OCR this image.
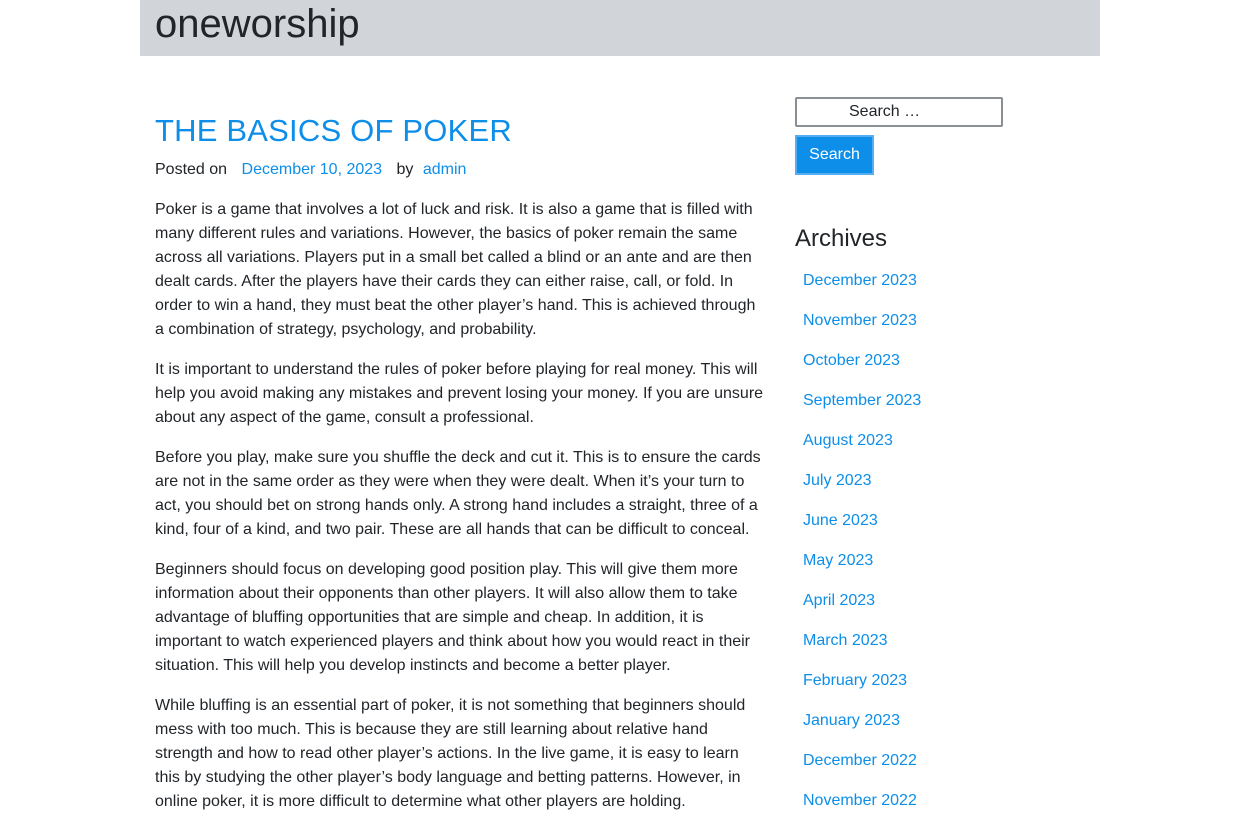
oneworship
THE BASICS OF POKER
Posted on December 10, 2023 by admin

Poker is a game that involves a lot of luck and risk. It is also a game that is filled with many different rules and variations. However, the basics of poker remain the same across all variations. Players put in a small bet called a blind or an ante and are then dealt cards. After the players have their cards they can either raise, call, or fold. In order to win a hand, they must beat the other player’s hand. This is achieved through a combination of strategy, psychology, and probability.

It is important to understand the rules of poker before playing for real money. This will help you avoid making any mistakes and prevent losing your money. If you are unsure about any aspect of the game, consult a professional.

Before you play, make sure you shuffle the deck and cut it. This is to ensure the cards are not in the same order as they were when they were dealt. When it’s your turn to act, you should bet on strong hands only. A strong hand includes a straight, three of a kind, four of a kind, and two pair. These are all hands that can be difficult to conceal.

Beginners should focus on developing good position play. This will give them more information about their opponents than other players. It will also allow them to take advantage of bluffing opportunities that are simple and cheap. In addition, it is important to watch experienced players and think about how you would react in their situation. This will help you develop instincts and become a better player.

While bluffing is an essential part of poker, it is not something that beginners should mess with too much. This is because they are still learning about relative hand strength and how to read other player’s actions. In the live game, it is easy to learn this by studying the other player’s body language and betting patterns. However, in online poker, it is more difficult to determine what other players are holding.

Search …
Search
Archives
December 2023
November 2023
October 2023
September 2023
August 2023
July 2023
June 2023
May 2023
April 2023
March 2023
February 2023
January 2023
December 2022
November 2022
